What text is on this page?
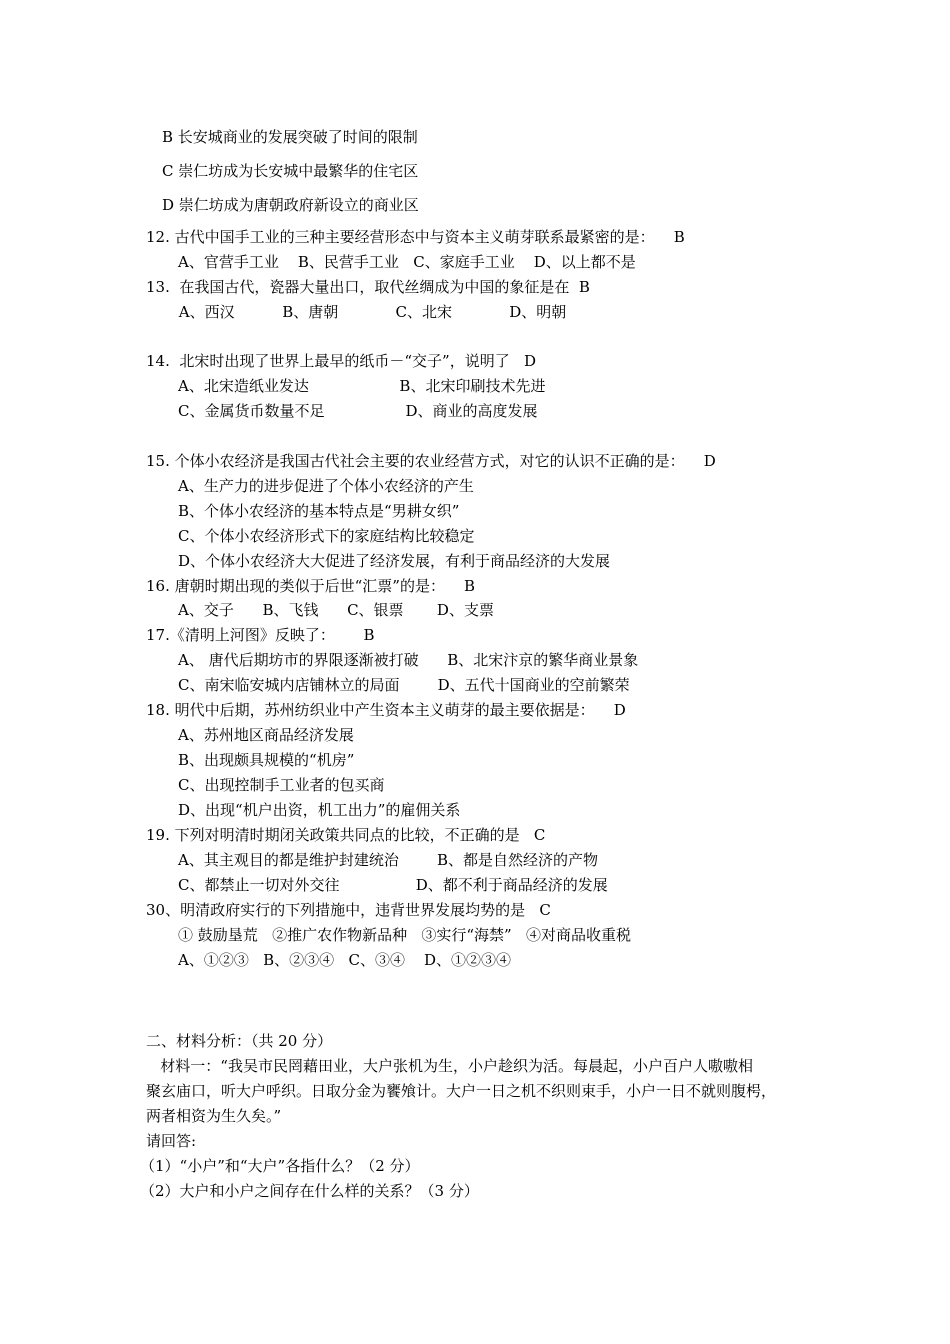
B 长安城商业的发展突破了时间的限制
C 崇仁坊成为长安城中最繁华的住宅区
D 崇仁坊成为唐朝政府新设立的商业区
12. 古代中国手工业的三种主要经营形态中与资本主义萌芽联系最紧密的是：    B
A、官营手工业    B、民营手工业   C、家庭手工业    D、以上都不是
13.  在我国古代，瓷器大量出口，取代丝绸成为中国的象征是在  B
A、西汉          B、唐朝            C、北宋            D、明朝
14.  北宋时出现了世界上最早的纸币－“交子”，说明了   D
A、北宋造纸业发达                   B、北宋印刷技术先进
C、金属货币数量不足                 D、商业的高度发展
15. 个体小农经济是我国古代社会主要的农业经营方式，对它的认识不正确的是：    D
A、生产力的进步促进了个体小农经济的产生
B、个体小农经济的基本特点是“男耕女织”
C、个体小农经济形式下的家庭结构比较稳定
D、个体小农经济大大促进了经济发展，有利于商品经济的大发展
16. 唐朝时期出现的类似于后世“汇票”的是：    B
A、交子      B、飞钱      C、银票       D、支票
17.《清明上河图》反映了：      B
A、 唐代后期坊市的界限逐渐被打破      B、北宋汴京的繁华商业景象
C、南宋临安城内店铺林立的局面        D、五代十国商业的空前繁荣
18. 明代中后期，苏州纺织业中产生资本主义萌芽的最主要依据是：    D
A、苏州地区商品经济发展
B、出现颇具规模的“机房”
C、出现控制手工业者的包买商
D、出现“机户出资，机工出力”的雇佣关系
19. 下列对明清时期闭关政策共同点的比较，不正确的是   C
A、其主观目的都是维护封建统治        B、都是自然经济的产物
C、都禁止一切对外交往                D、都不利于商品经济的发展
30、明清政府实行的下列措施中，违背世界发展均势的是   C
① 鼓励垦荒   ②推广农作物新品种   ③实行“海禁”   ④对商品收重税
A、①②③   B、②③④   C、③④    D、①②③④
二、材料分析：（共 20 分）
材料一：“我吴市民罔藉田业，大户张机为生，小户趁织为活。每晨起，小户百户人嗷嗷相
聚玄庙口，听大户呼织。日取分金为饔飧计。大户一日之机不织则束手，小户一日不就则腹枵，
两者相资为生久矣。”
请回答:
（1）“小户”和“大户”各指什么？（2 分）
（2）大户和小户之间存在什么样的关系？（3 分）
